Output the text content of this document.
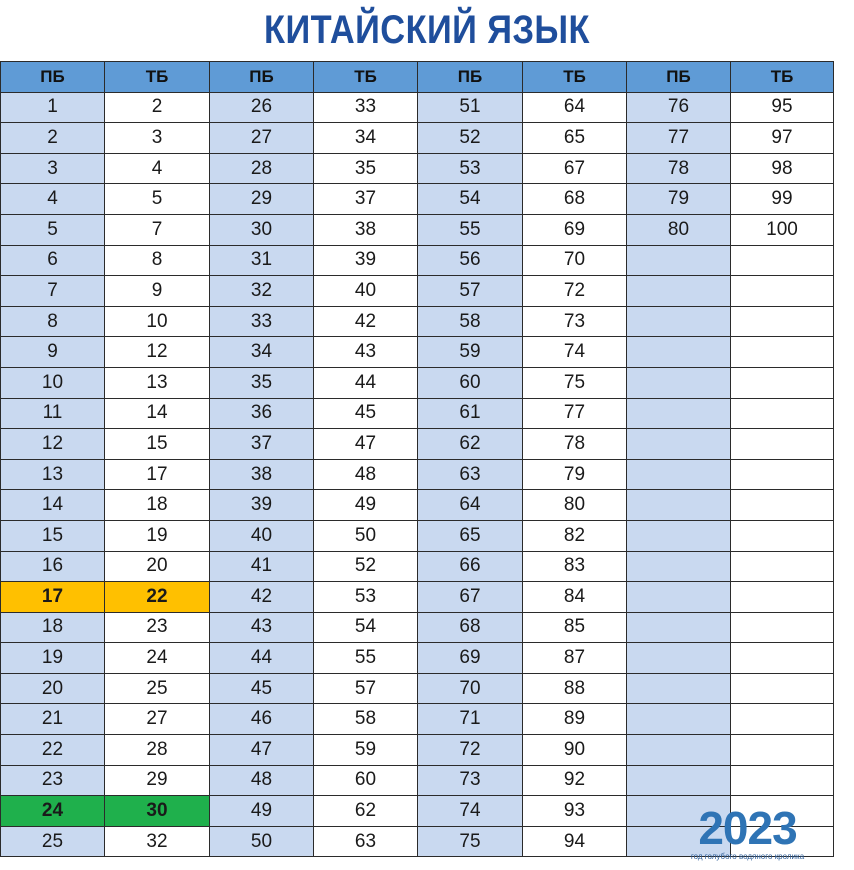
КИТАЙСКИЙ ЯЗЫК
ПБ	ТБ	ПБ	ТБ	ПБ	ТБ	ПБ	ТБ
1	2	26	33	51	64	76	95
2	3	27	34	52	65	77	97
3	4	28	35	53	67	78	98
4	5	29	37	54	68	79	99
5	7	30	38	55	69	80	100
6	8	31	39	56	70		
7	9	32	40	57	72		
8	10	33	42	58	73		
9	12	34	43	59	74		
10	13	35	44	60	75		
11	14	36	45	61	77		
12	15	37	47	62	78		
13	17	38	48	63	79		
14	18	39	49	64	80		
15	19	40	50	65	82		
16	20	41	52	66	83		
17	22	42	53	67	84		
18	23	43	54	68	85		
19	24	44	55	69	87		
20	25	45	57	70	88		
21	27	46	58	71	89		
22	28	47	59	72	90		
23	29	48	60	73	92		
24	30	49	62	74	93		
25	32	50	63	75	94		2023
год голубого водяного кролика
